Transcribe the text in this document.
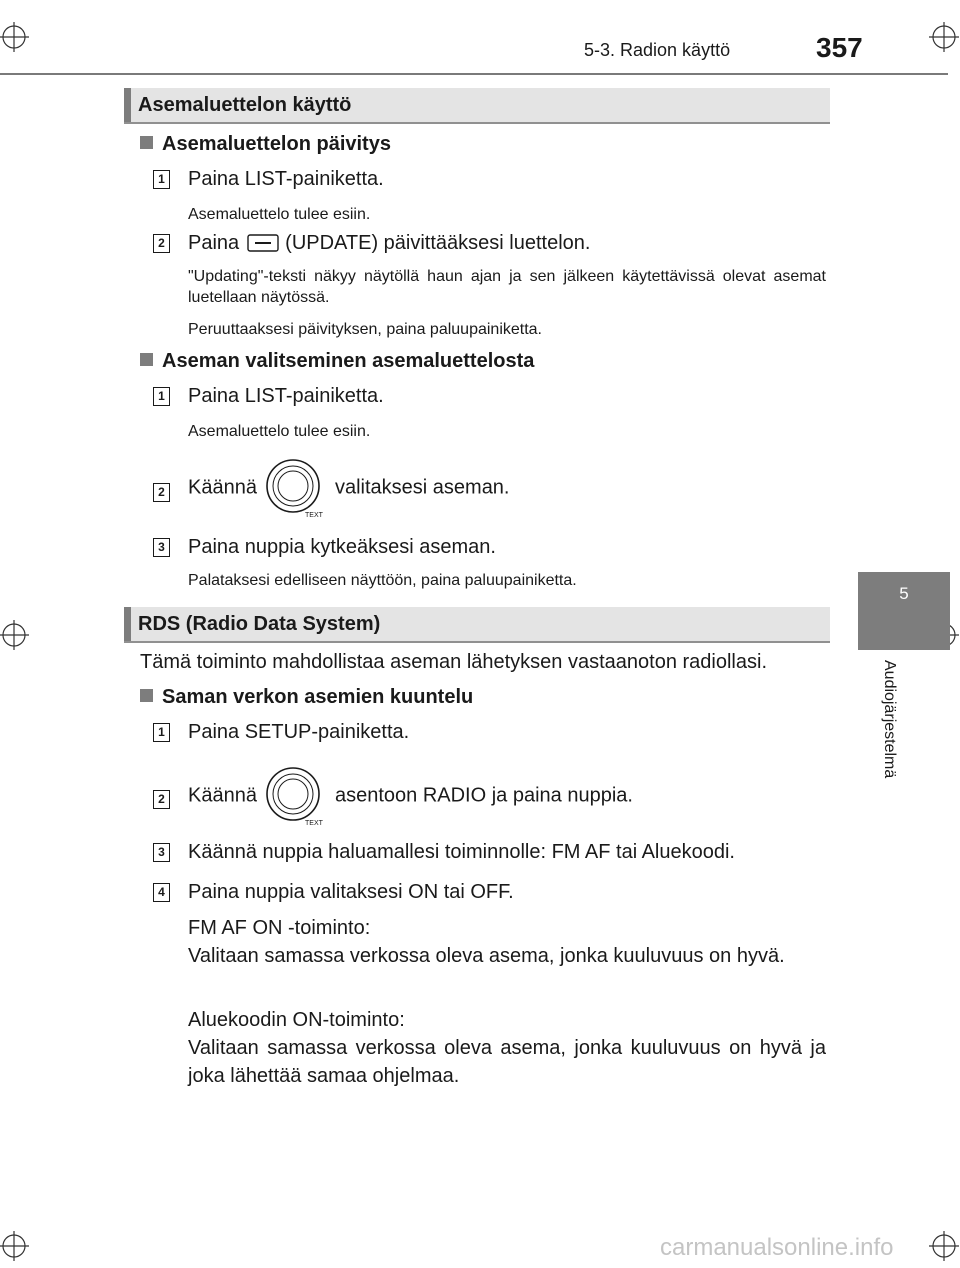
5-3. Radion käyttö	357
5
Audiojärjestelmä
Asemaluettelon käyttö
Asemaluettelon päivitys
1 Paina LIST-painiketta.
Asemaluettelo tulee esiin.
2 Paina (UPDATE) päivittääksesi luettelon.
"Updating"-teksti näkyy näytöllä haun ajan ja sen jälkeen käytettävissä olevat asemat luetellaan näytössä.
Peruuttaaksesi päivityksen, paina paluupainiketta.
Aseman valitseminen asemaluettelosta
1 Paina LIST-painiketta.
Asemaluettelo tulee esiin.
2 Käännä
TEXT
valitaksesi aseman.
3 Paina nuppia kytkeäksesi aseman.
Palataksesi edelliseen näyttöön, paina paluupainiketta.
RDS (Radio Data System)
Tämä toiminto mahdollistaa aseman lähetyksen vastaanoton radiollasi.
Saman verkon asemien kuuntelu
1 Paina SETUP-painiketta.
2 Käännä
TEXT
asentoon RADIO ja paina nuppia.
3 Käännä nuppia haluamallesi toiminnolle: FM AF tai Aluekoodi.
4 Paina nuppia valitaksesi ON tai OFF.
FM AF ON -toiminto:
Valitaan samassa verkossa oleva asema, jonka kuuluvuus on hyvä.
Aluekoodin ON-toiminto:
Valitaan samassa verkossa oleva asema, jonka kuuluvuus on hyvä ja joka lähettää samaa ohjelmaa.
carmanualsonline.info
